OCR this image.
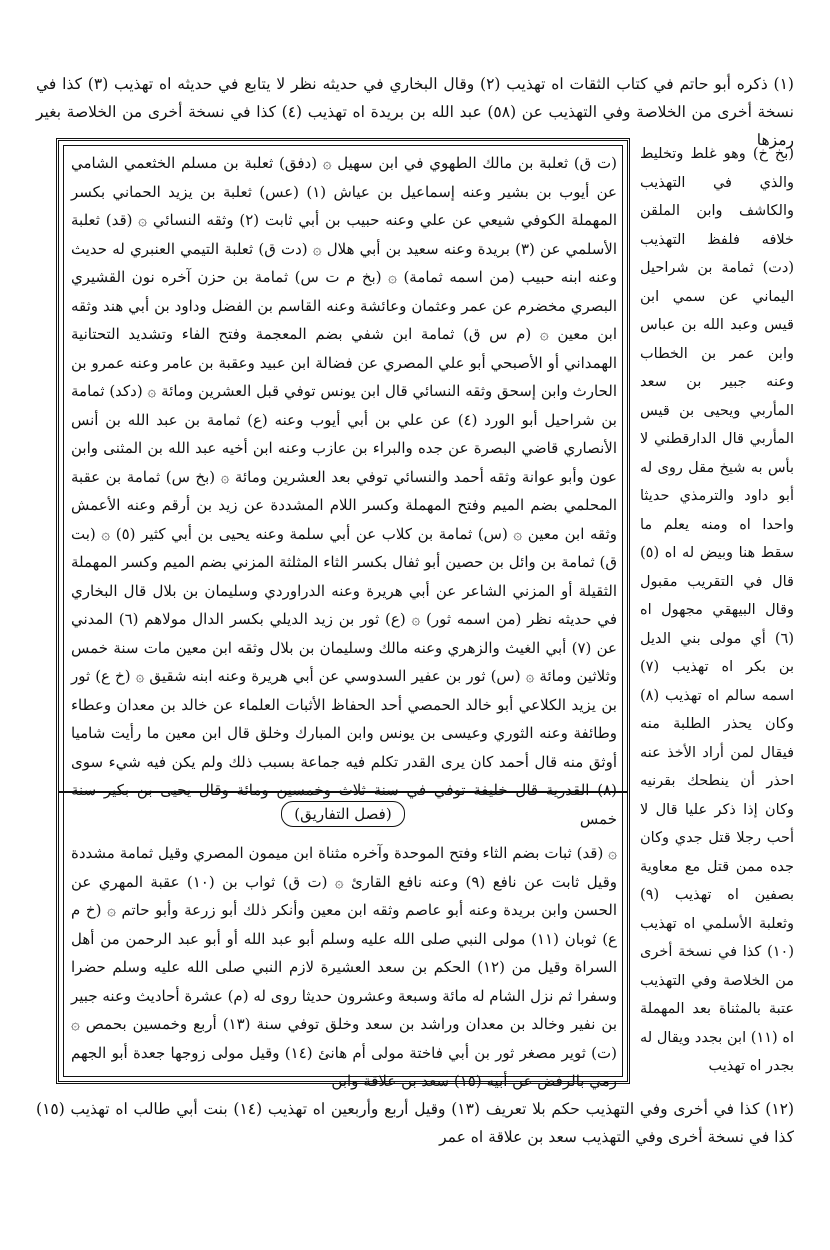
(١) ذكره أبو حاتم في كتاب الثقات اه تهذيب (٢) وقال البخاري في حديثه نظر لا يتابع في حديثه اه تهذيب (٣) كذا في نسخة أخرى من الخلاصة وفي التهذيب عن (٥٨) عبد الله بن بريدة اه تهذيب (٤) كذا في نسخة أخرى من الخلاصة بغير رمزها
(ت ق) ثعلبة بن مالك الطهوي في ابن سهيل ۞ (دفق) ثعلبة بن مسلم الخثعمي الشامي عن أيوب بن بشير وعنه إسماعيل بن عياش (١) (عس) ثعلبة بن يزيد الحماني بكسر المهملة الكوفي شيعي عن علي وعنه حبيب بن أبي ثابت (٢) وثقه النسائي ۞ (قد) ثعلبة الأسلمي عن (٣) بريدة وعنه سعيد بن أبي هلال ۞ (دت ق) ثعلبة التيمي العنبري له حديث وعنه ابنه حبيب (من اسمه ثمامة) ۞ (بخ م ت س) ثمامة بن حزن آخره نون القشيري البصري مخضرم عن عمر وعثمان وعائشة وعنه القاسم بن الفضل وداود بن أبي هند وثقه ابن معين ۞ (م س ق) ثمامة ابن شفي بضم المعجمة وفتح الفاء وتشديد التحتانية الهمداني أو الأصبحي أبو علي المصري عن فضالة ابن عبيد وعقبة بن عامر وعنه عمرو بن الحارث وابن إسحق وثقه النسائي قال ابن يونس توفي قبل العشرين ومائة ۞ (دكد) ثمامة بن شراحيل أبو الورد (٤) عن علي بن أبي أيوب وعنه (ع) ثمامة بن عبد الله بن أنس الأنصاري قاضي البصرة عن جده والبراء بن عازب وعنه ابن أخيه عبد الله بن المثنى وابن عون وأبو عوانة وثقه أحمد والنسائي توفي بعد العشرين ومائة ۞ (بخ س) ثمامة بن عقبة المحلمي بضم الميم وفتح المهملة وكسر اللام المشددة عن زيد بن أرقم وعنه الأعمش وثقه ابن معين ۞ (س) ثمامة بن كلاب عن أبي سلمة وعنه يحيى بن أبي كثير (٥) ۞ (بت ق) ثمامة بن وائل بن حصين أبو ثفال بكسر الثاء المثلثة المزني بضم الميم وكسر المهملة الثقيلة أو المزني الشاعر عن أبي هريرة وعنه الدراوردي وسليمان بن بلال قال البخاري في حديثه نظر (من اسمه ثور) ۞ (ع) ثور بن زيد الديلي بكسر الدال مولاهم (٦) المدني عن (٧) أبي الغيث والزهري وعنه مالك وسليمان بن بلال وثقه ابن معين مات سنة خمس وثلاثين ومائة ۞ (س) ثور بن عفير السدوسي عن أبي هريرة وعنه ابنه شقيق ۞ (خ ع) ثور بن يزيد الكلاعي أبو خالد الحمصي أحد الحفاظ الأثبات العلماء عن خالد بن معدان وعطاء وطائفة وعنه الثوري وعيسى بن يونس وابن المبارك وخلق قال ابن معين ما رأيت شاميا أوثق منه قال أحمد كان يرى القدر تكلم فيه جماعة بسبب ذلك ولم يكن فيه شيء سوى (٨) القدرية قال خليفة توفي في سنة ثلاث وخمسين ومائة وقال يحيى بن بكير سنة خمس
(فصل التفاريق)
۞ (قد) ثبات بضم الثاء وفتح الموحدة وآخره مثناة ابن ميمون المصري وقيل ثمامة مشددة وقيل ثابت عن نافع (٩) وعنه نافع القارئ ۞ (ت ق) ثواب بن (١٠) عقبة المهري عن الحسن وابن بريدة وعنه أبو عاصم وثقه ابن معين وأنكر ذلك أبو زرعة وأبو حاتم ۞ (خ م ع) ثوبان (١١) مولى النبي صلى الله عليه وسلم أبو عبد الله أو أبو عبد الرحمن من أهل السراة وقيل من (١٢) الحكم بن سعد العشيرة لازم النبي صلى الله عليه وسلم حضرا وسفرا ثم نزل الشام له مائة وسبعة وعشرون حديثا روى له (م) عشرة أحاديث وعنه جبير بن نفير وخالد بن معدان وراشد بن سعد وخلق توفي سنة (١٣) أربع وخمسين بحمص ۞ (ت) ثوير مصغر ثور بن أبي فاختة مولى أم هانئ (١٤) وقيل مولى زوجها جعدة أبو الجهم رمي بالرفض عن أبيه (١٥) سعد بن علاقة وابن
(بخ خ) وهو غلط وتخليط والذي في التهذيب والكاشف وابن الملقن خلافه فلفظ التهذيب (دت) ثمامة بن شراحيل اليماني عن سمي ابن قيس وعبد الله بن عباس وابن عمر بن الخطاب وعنه جبير بن سعد المأربي ويحيى بن قيس المأربي قال الدارقطني لا بأس به شيخ مقل روى له أبو داود والترمذي حديثا واحدا اه ومنه يعلم ما سقط هنا وبيض له اه (٥) قال في التقريب مقبول وقال البيهقي مجهول اه (٦) أي مولى بني الديل بن بكر اه تهذيب (٧) اسمه سالم اه تهذيب (٨) وكان يحذر الطلبة منه فيقال لمن أراد الأخذ عنه احذر أن ينطحك بقرنيه وكان إذا ذكر عليا قال لا أحب رجلا قتل جدي وكان جده ممن قتل مع معاوية بصفين اه تهذيب (٩) وثعلبة الأسلمي اه تهذيب (١٠) كذا في نسخة أخرى من الخلاصة وفي التهذيب عتبة بالمثناة بعد المهملة اه (١١) ابن بجدد ويقال له بجدر اه تهذيب
(١٢) كذا في أخرى وفي التهذيب حكم بلا تعريف (١٣) وقيل أربع وأربعين اه تهذيب (١٤) بنت أبي طالب اه تهذيب (١٥) كذا في نسخة أخرى وفي التهذيب سعد بن علاقة اه عمر
